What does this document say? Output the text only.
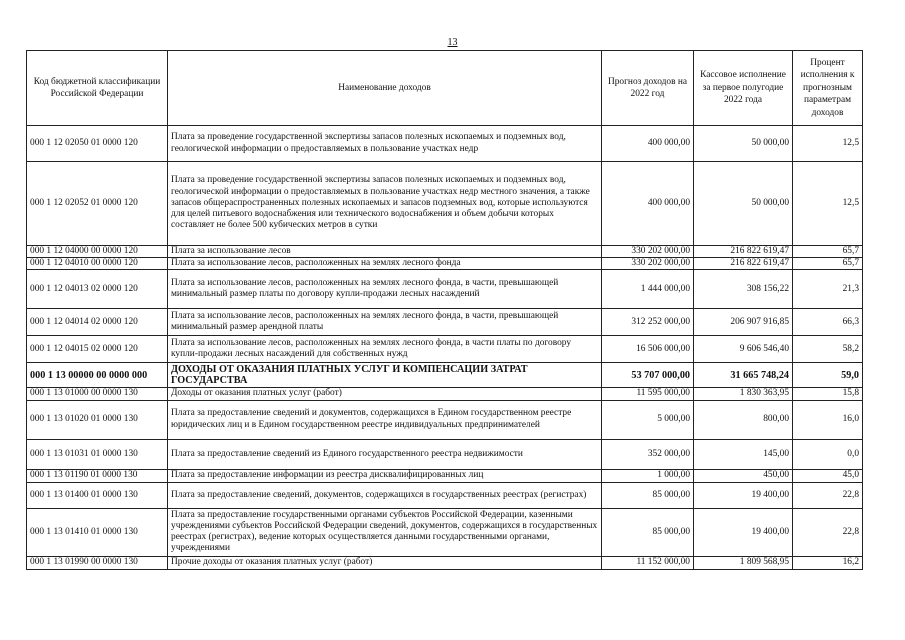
13
Код бюджетной классификации Российской Федерации	Наименование доходов	Прогноз доходов на 2022 год	Кассовое исполнение за первое полугодие 2022 года	Процент исполнения к прогнозным параметрам доходов
000 1 12 02050 01 0000 120	Плата за проведение государственной экспертизы запасов полезных ископаемых и подземных вод, геологической информации о предоставляемых в пользование участках недр	400 000,00	50 000,00	12,5
000 1 12 02052 01 0000 120	Плата за проведение государственной экспертизы запасов полезных ископаемых и подземных вод, геологической информации о предоставляемых в пользование участках недр местного значения, а также запасов общераспространенных полезных ископаемых и запасов подземных вод, которые используются для целей питьевого водоснабжения или технического водоснабжения и объем добычи которых составляет не более 500 кубических метров в сутки	400 000,00	50 000,00	12,5
000 1 12 04000 00 0000 120	Плата за использование лесов	330 202 000,00	216 822 619,47	65,7
000 1 12 04010 00 0000 120	Плата за использование лесов, расположенных на землях лесного фонда	330 202 000,00	216 822 619,47	65,7
000 1 12 04013 02 0000 120	Плата за использование лесов, расположенных на землях лесного фонда, в части, превышающей минимальный размер платы по договору купли-продажи лесных насаждений	1 444 000,00	308 156,22	21,3
000 1 12 04014 02 0000 120	Плата за использование лесов, расположенных на землях лесного фонда, в части, превышающей минимальный размер арендной платы	312 252 000,00	206 907 916,85	66,3
000 1 12 04015 02 0000 120	Плата за использование лесов, расположенных на землях лесного фонда, в части платы по договору купли-продажи лесных насаждений для собственных нужд	16 506 000,00	9 606 546,40	58,2
000 1 13 00000 00 0000 000	ДОХОДЫ ОТ ОКАЗАНИЯ ПЛАТНЫХ УСЛУГ И КОМПЕНСАЦИИ ЗАТРАТ ГОСУДАРСТВА	53 707 000,00	31 665 748,24	59,0
000 1 13 01000 00 0000 130	Доходы от оказания платных услуг (работ)	11 595 000,00	1 830 363,95	15,8
000 1 13 01020 01 0000 130	Плата за предоставление сведений и документов, содержащихся в Едином государственном реестре юридических лиц и в Едином государственном реестре индивидуальных предпринимателей	5 000,00	800,00	16,0
000 1 13 01031 01 0000 130	Плата за предоставление сведений из Единого государственного реестра недвижимости	352 000,00	145,00	0,0
000 1 13 01190 01 0000 130	Плата за предоставление информации из реестра дисквалифицированных лиц	1 000,00	450,00	45,0
000 1 13 01400 01 0000 130	Плата за предоставление сведений, документов, содержащихся в государственных реестрах (регистрах)	85 000,00	19 400,00	22,8
000 1 13 01410 01 0000 130	Плата за предоставление государственными органами субъектов Российской Федерации, казенными учреждениями субъектов Российской Федерации сведений, документов, содержащихся в государственных реестрах (регистрах), ведение которых осуществляется данными государственными органами, учреждениями	85 000,00	19 400,00	22,8
000 1 13 01990 00 0000 130	Прочие доходы от оказания платных услуг (работ)	11 152 000,00	1 809 568,95	16,2
